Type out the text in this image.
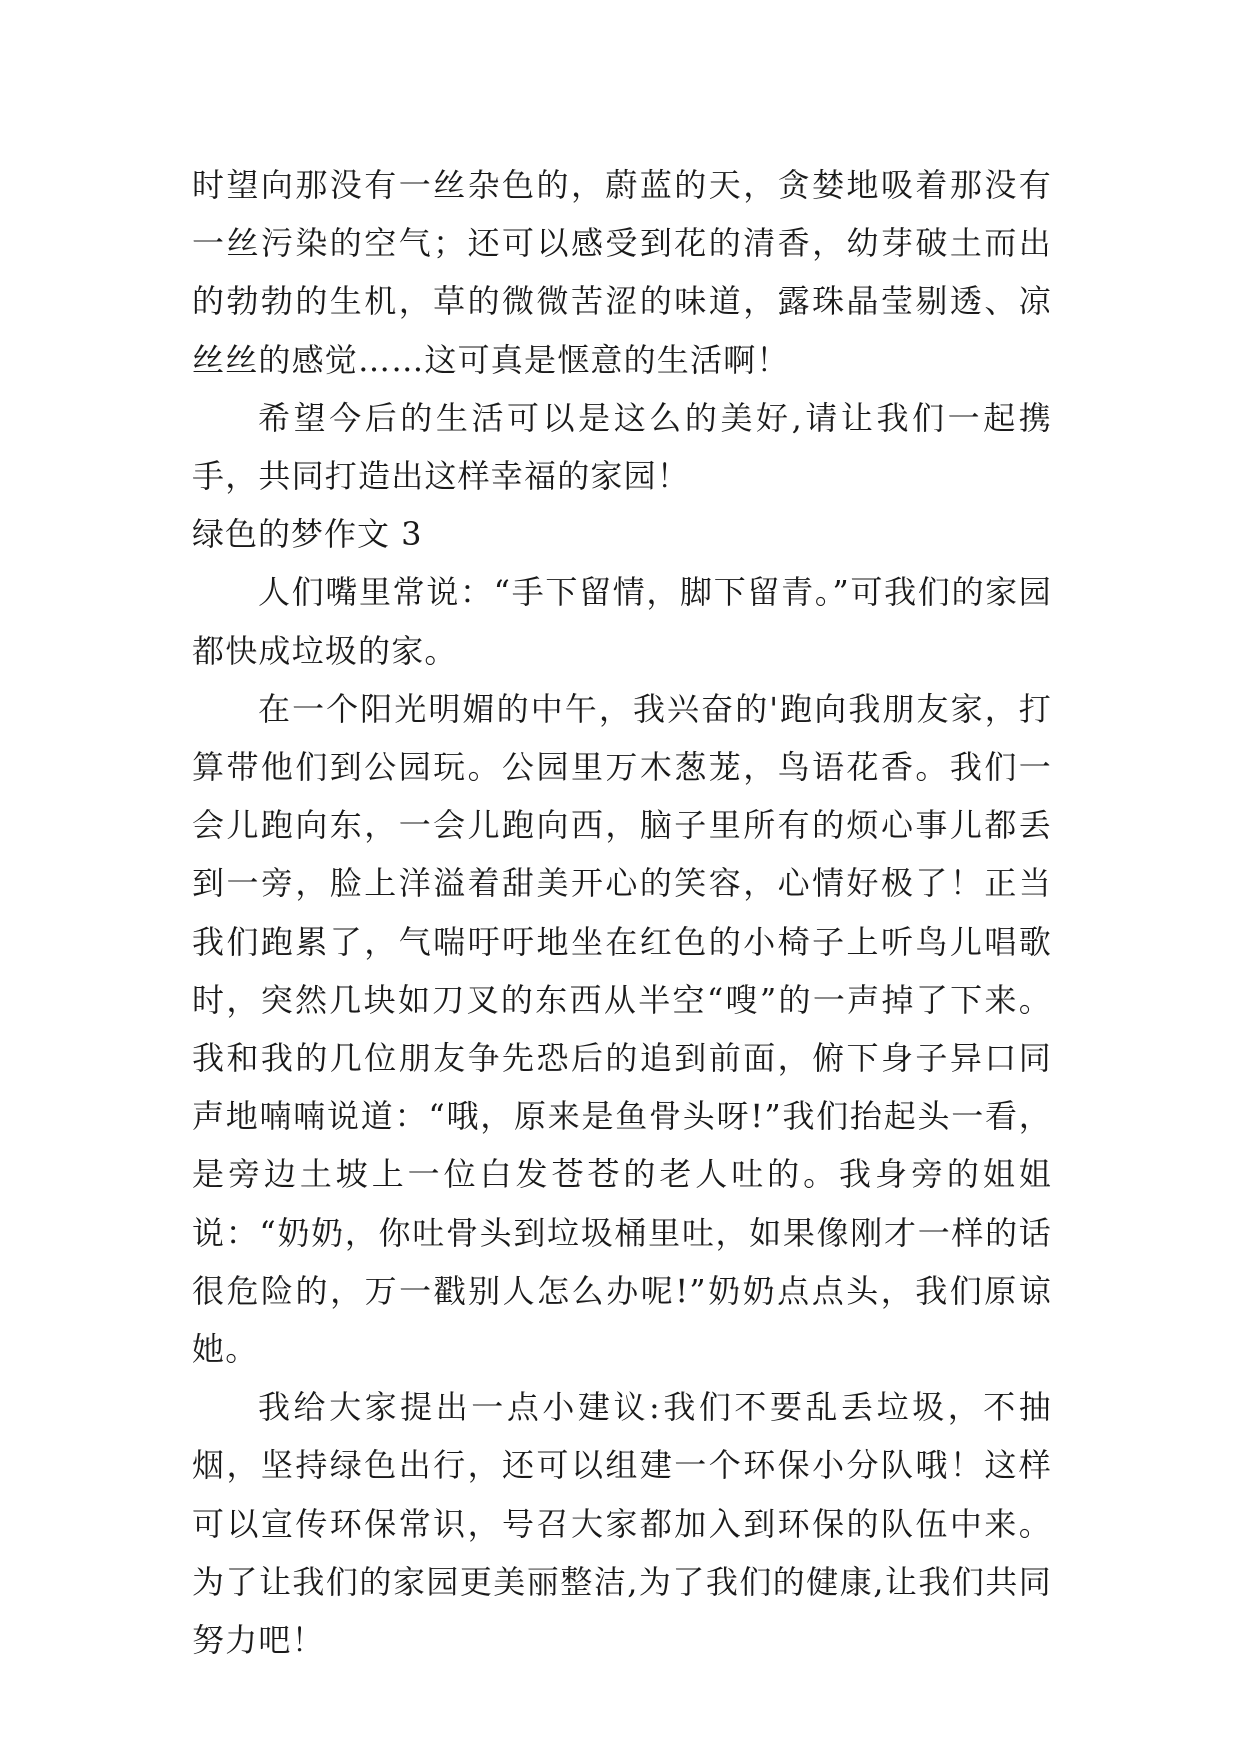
时望向那没有一丝杂色的，蔚蓝的天，贪婪地吸着那没有一丝污染的空气；还可以感受到花的清香，幼芽破土而出的勃勃的生机，草的微微苦涩的味道，露珠晶莹剔透、凉丝丝的感觉……这可真是惬意的生活啊！

希望今后的生活可以是这么的美好,请让我们一起携手，共同打造出这样幸福的家园！

绿色的梦作文 3

人们嘴里常说：“手下留情，脚下留青。”可我们的家园都快成垃圾的家。

在一个阳光明媚的中午，我兴奋的'跑向我朋友家，打算带他们到公园玩。公园里万木葱茏，鸟语花香。我们一会儿跑向东，一会儿跑向西，脑子里所有的烦心事儿都丢到一旁，脸上洋溢着甜美开心的笑容，心情好极了！正当我们跑累了，气喘吁吁地坐在红色的小椅子上听鸟儿唱歌时，突然几块如刀叉的东西从半空“嗖”的一声掉了下来。我和我的几位朋友争先恐后的追到前面，俯下身子异口同声地喃喃说道：“哦，原来是鱼骨头呀!”我们抬起头一看，是旁边土坡上一位白发苍苍的老人吐的。我身旁的姐姐说：“奶奶，你吐骨头到垃圾桶里吐，如果像刚才一样的话很危险的，万一戳别人怎么办呢!”奶奶点点头，我们原谅她。

我给大家提出一点小建议:我们不要乱丢垃圾，不抽烟，坚持绿色出行，还可以组建一个环保小分队哦！这样可以宣传环保常识，号召大家都加入到环保的队伍中来。为了让我们的家园更美丽整洁,为了我们的健康,让我们共同努力吧！
